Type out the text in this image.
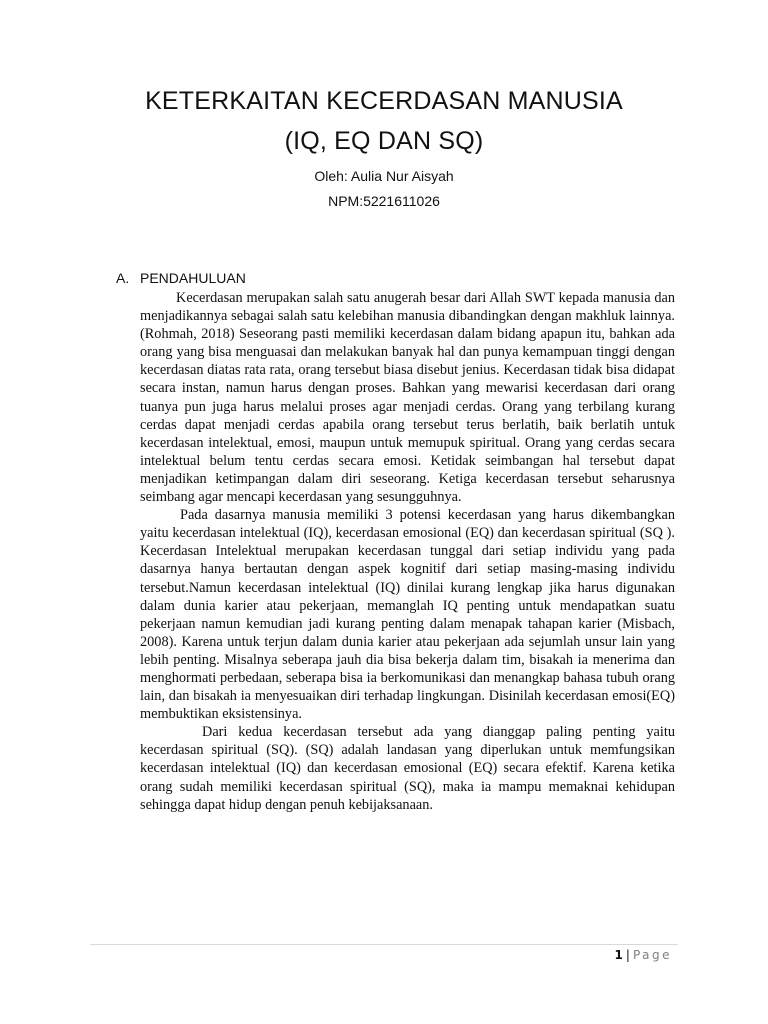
KETERKAITAN KECERDASAN MANUSIA
(IQ, EQ DAN SQ)
Oleh: Aulia Nur Aisyah
NPM:5221611026
A. PENDAHULUAN

Kecerdasan merupakan salah satu anugerah besar dari Allah SWT kepada manusia dan menjadikannya sebagai salah satu kelebihan manusia dibandingkan dengan makhluk lainnya. (Rohmah, 2018) Seseorang pasti memiliki kecerdasan dalam bidang apapun itu, bahkan ada orang yang bisa menguasai dan melakukan banyak hal dan punya kemampuan tinggi dengan kecerdasan diatas rata rata, orang tersebut biasa disebut jenius. Kecerdasan tidak bisa didapat secara instan, namun harus dengan proses. Bahkan yang mewarisi kecerdasan dari orang tuanya pun juga harus melalui proses agar menjadi cerdas. Orang yang terbilang kurang cerdas dapat menjadi cerdas apabila orang tersebut terus berlatih, baik berlatih untuk kecerdasan intelektual, emosi, maupun untuk memupuk spiritual. Orang yang cerdas secara intelektual belum tentu cerdas secara emosi. Ketidak seimbangan hal tersebut dapat menjadikan ketimpangan dalam diri seseorang. Ketiga kecerdasan tersebut seharusnya seimbang agar mencapi kecerdasan yang sesungguhnya.

Pada dasarnya manusia memiliki 3 potensi kecerdasan yang harus dikembangkan yaitu kecerdasan intelektual (IQ), kecerdasan emosional (EQ) dan kecerdasan spiritual (SQ ). Kecerdasan Intelektual merupakan kecerdasan tunggal dari setiap individu yang pada dasarnya hanya bertautan dengan aspek kognitif dari setiap masing-masing individu tersebut.Namun kecerdasan intelektual (IQ) dinilai kurang lengkap jika harus digunakan dalam dunia karier atau pekerjaan, memanglah IQ penting untuk mendapatkan suatu pekerjaan namun kemudian jadi kurang penting dalam menapak tahapan karier (Misbach, 2008). Karena untuk terjun dalam dunia karier atau pekerjaan ada sejumlah unsur lain yang lebih penting. Misalnya seberapa jauh dia bisa bekerja dalam tim, bisakah ia menerima dan menghormati perbedaan, seberapa bisa ia berkomunikasi dan menangkap bahasa tubuh orang lain, dan bisakah ia menyesuaikan diri terhadap lingkungan. Disinilah kecerdasan emosi(EQ) membuktikan eksistensinya.

Dari kedua kecerdasan tersebut ada yang dianggap paling penting yaitu kecerdasan spiritual (SQ). (SQ) adalah landasan yang diperlukan untuk memfungsikan kecerdasan intelektual (IQ) dan kecerdasan emosional (EQ) secara efektif. Karena ketika orang sudah memiliki kecerdasan spiritual (SQ), maka ia mampu memaknai kehidupan sehingga dapat hidup dengan penuh kebijaksanaan.

1 | Page
